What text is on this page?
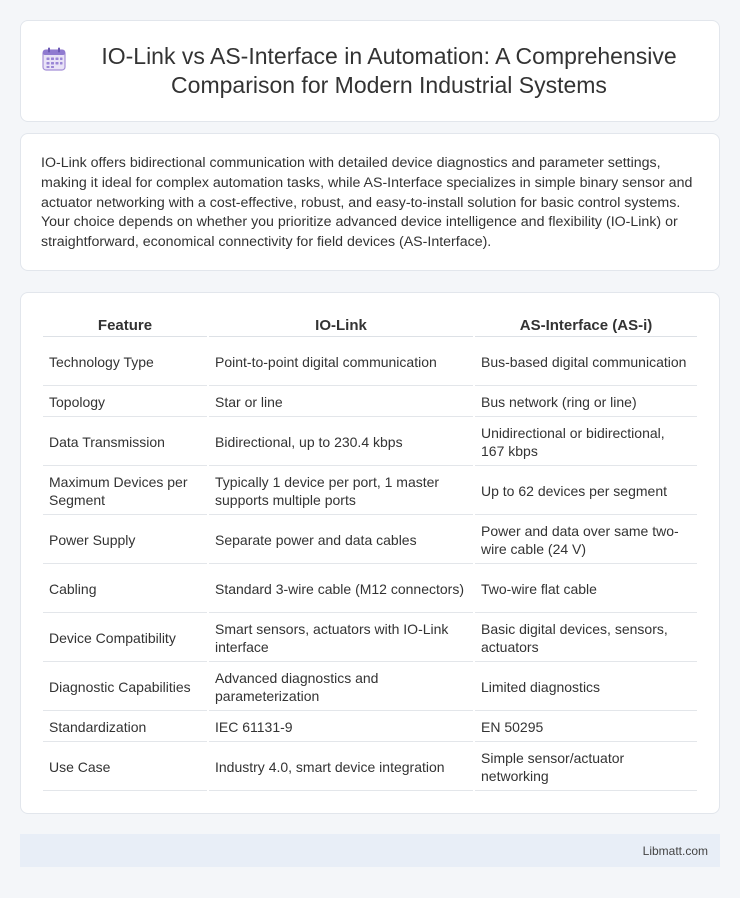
IO-Link vs AS-Interface in Automation: A Comprehensive Comparison for Modern Industrial Systems

IO-Link offers bidirectional communication with detailed device diagnostics and parameter settings, making it ideal for complex automation tasks, while AS-Interface specializes in simple binary sensor and actuator networking with a cost-effective, robust, and easy-to-install solution for basic control systems. Your choice depends on whether you prioritize advanced device intelligence and flexibility (IO-Link) or straightforward, economical connectivity for field devices (AS-Interface).

Feature	IO-Link	AS-Interface (AS-i)
Technology Type	Point-to-point digital communication	Bus-based digital communication
Topology	Star or line	Bus network (ring or line)
Data Transmission	Bidirectional, up to 230.4 kbps	Unidirectional or bidirectional, 167 kbps
Maximum Devices per Segment	Typically 1 device per port, 1 master supports multiple ports	Up to 62 devices per segment
Power Supply	Separate power and data cables	Power and data over same two-wire cable (24 V)
Cabling	Standard 3-wire cable (M12 connectors)	Two-wire flat cable
Device Compatibility	Smart sensors, actuators with IO-Link interface	Basic digital devices, sensors, actuators
Diagnostic Capabilities	Advanced diagnostics and parameterization	Limited diagnostics
Standardization	IEC 61131-9	EN 50295
Use Case	Industry 4.0, smart device integration	Simple sensor/actuator networking
Libmatt.com
